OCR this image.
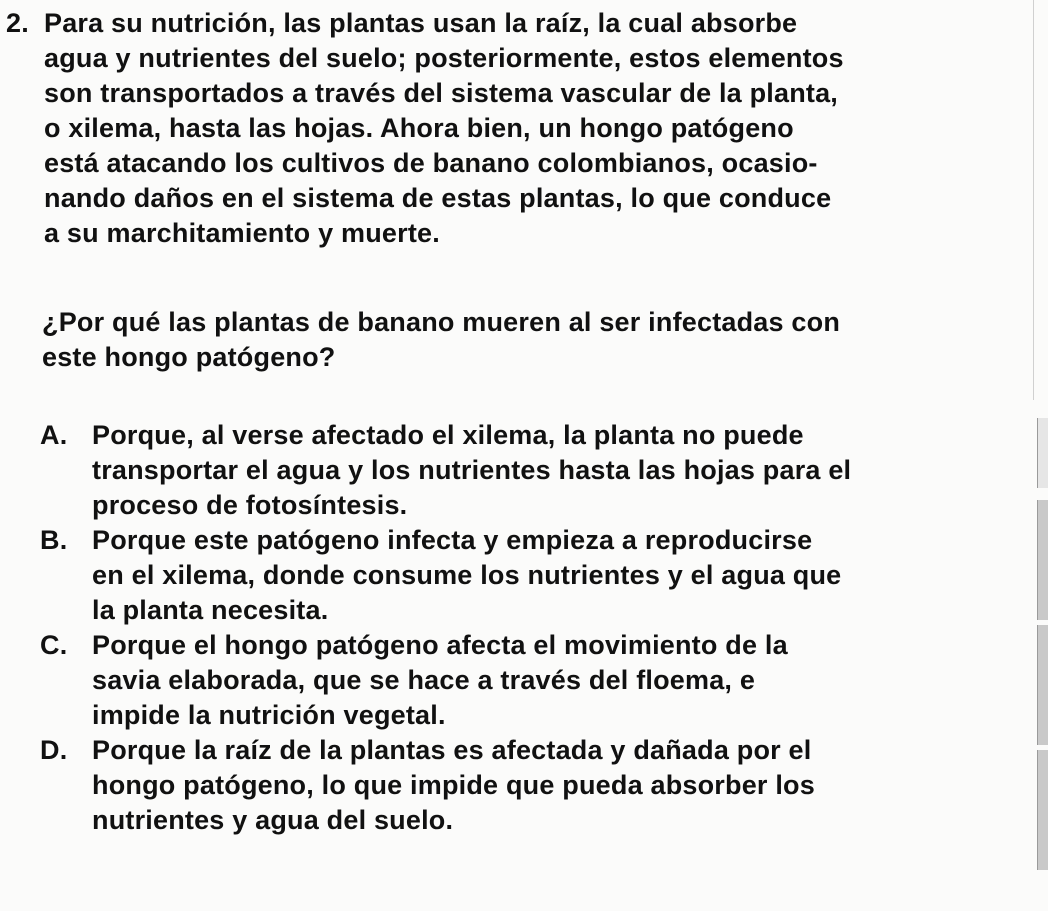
2. Para su nutrición, las plantas usan la raíz, la cual absorbe
agua y nutrientes del suelo; posteriormente, estos elementos
son transportados a través del sistema vascular de la planta,
o xilema, hasta las hojas. Ahora bien, un hongo patógeno
está atacando los cultivos de banano colombianos, ocasio-
nando daños en el sistema de estas plantas, lo que conduce
a su marchitamiento y muerte.
¿Por qué las plantas de banano mueren al ser infectadas con
este hongo patógeno?
A. Porque, al verse afectado el xilema, la planta no puede
transportar el agua y los nutrientes hasta las hojas para el
proceso de fotosíntesis.
B. Porque este patógeno infecta y empieza a reproducirse
en el xilema, donde consume los nutrientes y el agua que
la planta necesita.
C. Porque el hongo patógeno afecta el movimiento de la
savia elaborada, que se hace a través del floema, e
impide la nutrición vegetal.
D. Porque la raíz de la plantas es afectada y dañada por el
hongo patógeno, lo que impide que pueda absorber los
nutrientes y agua del suelo.
